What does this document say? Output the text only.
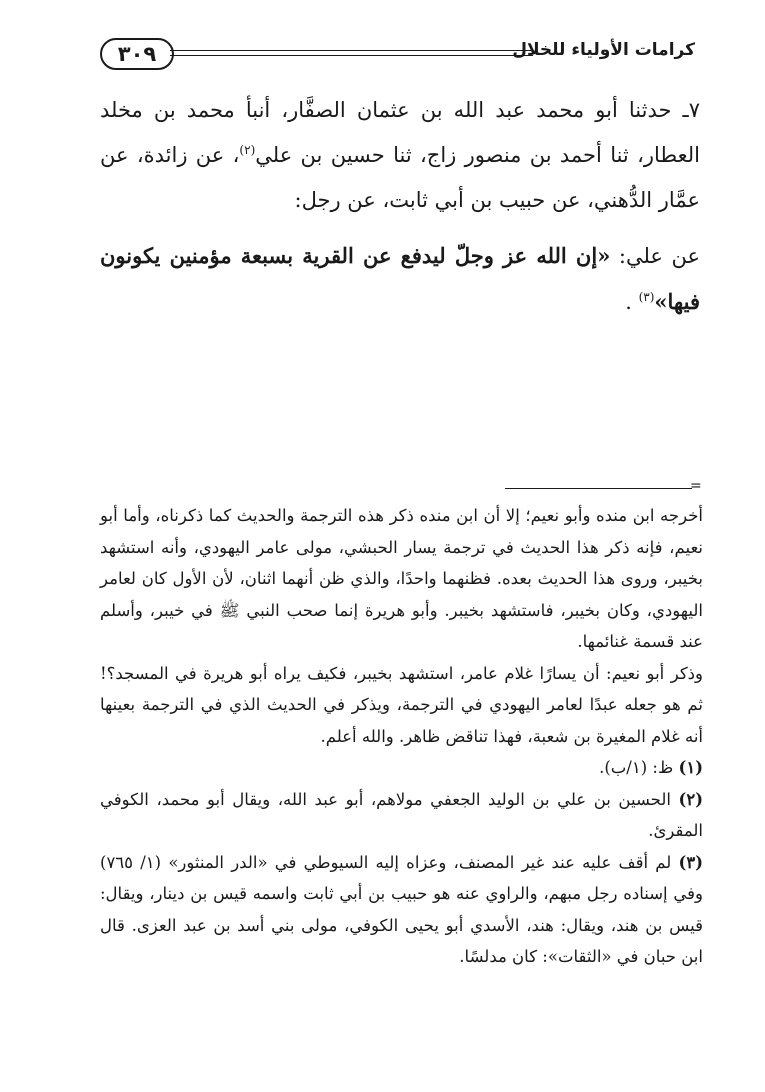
٣٠٩	كرامات الأولياء للخلال

٧ـ حدثنا أبو محمد عبد الله بن عثمان الصفَّار، أنبأ محمد بن مخلد العطار، ثنا أحمد بن منصور زاج، ثنا حسين بن علي$^{(٢)}$، عن زائدة، عن عمَّار الدُّهني، عن حبيب بن أبي ثابت، عن رجل:

عن علي: «إن الله عز وجلّ ليدفع عن القرية بسبعة مؤمنين يكونون فيها»$^{(٣)}$ .

=

أخرجه ابن منده وأبو نعيم؛ إلا أن ابن منده ذكر هذه الترجمة والحديث كما ذكرناه، وأما أبو نعيم، فإنه ذكر هذا الحديث في ترجمة يسار الحبشي، مولى عامر اليهودي، وأنه استشهد بخيبر، وروى هذا الحديث بعده. فظنهما واحدًا، والذي ظن أنهما اثنان، لأن الأول كان لعامر اليهودي، وكان بخيبر، فاستشهد بخيبر. وأبو هريرة إنما صحب النبي ﷺ في خيبر، وأسلم عند قسمة غنائمها.

وذكر أبو نعيم: أن يسارًا غلام عامر، استشهد بخيبر، فكيف يراه أبو هريرة في المسجد؟! ثم هو جعله عبدًا لعامر اليهودي في الترجمة، ويذكر في الحديث الذي في الترجمة بعينها أنه غلام المغيرة بن شعبة، فهذا تناقض ظاهر. والله أعلم.

(١) ظ: (١/ب).

(٢) الحسين بن علي بن الوليد الجعفي مولاهم، أبو عبد الله، ويقال أبو محمد، الكوفي المقرئ.

(٣) لم أقف عليه عند غير المصنف، وعزاه إليه السيوطي في «الدر المنثور» (١/ ٧٦٥) وفي إسناده رجل مبهم، والراوي عنه هو حبيب بن أبي ثابت واسمه قيس بن دينار، ويقال: قيس بن هند، ويقال: هند، الأسدي أبو يحيى الكوفي، مولى بني أسد بن عبد العزى. قال ابن حبان في «الثقات»: كان مدلسًا.
